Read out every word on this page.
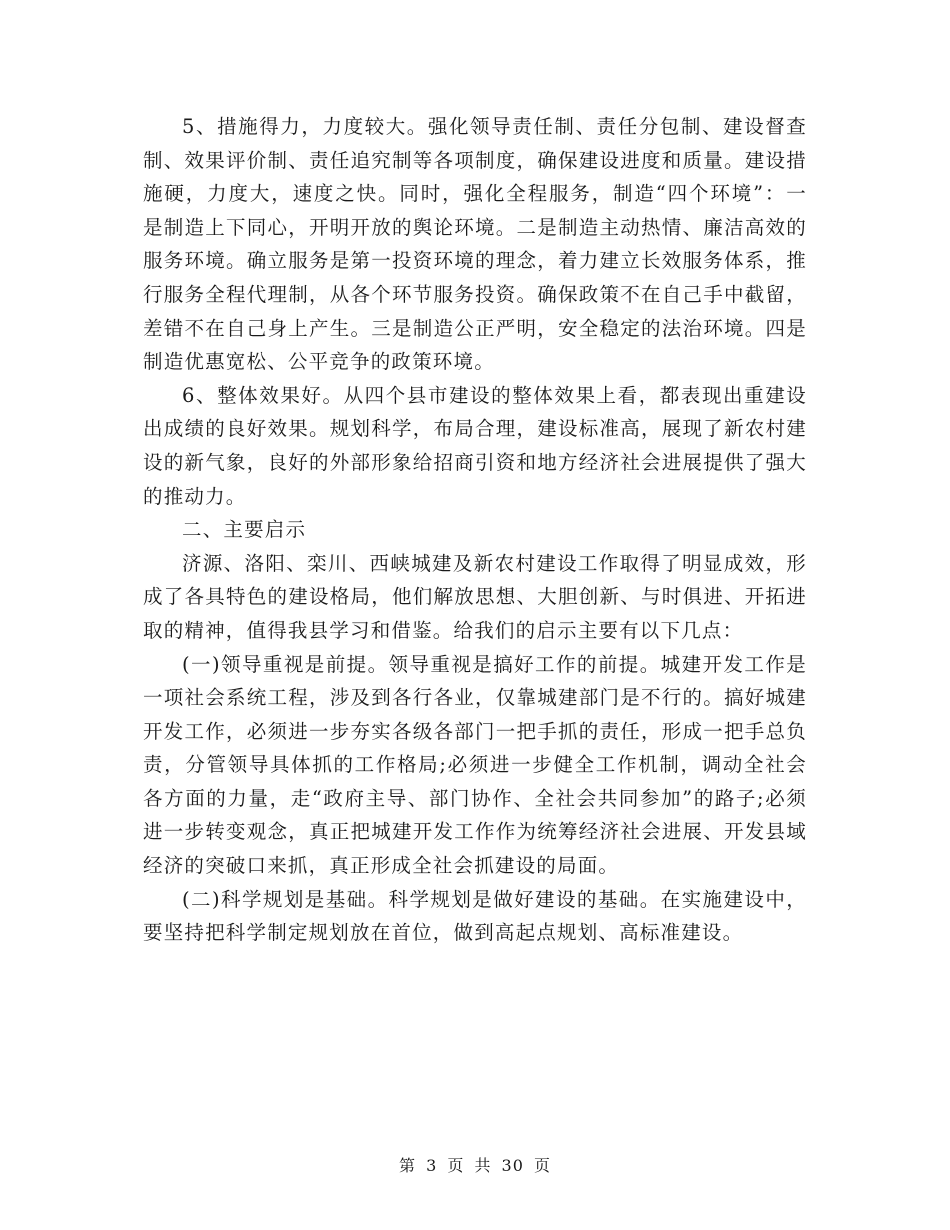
5、措施得力，力度较大。强化领导责任制、责任分包制、建设督查制、效果评价制、责任追究制等各项制度，确保建设进度和质量。建设措施硬，力度大，速度之快。同时，强化全程服务，制造“四个环境”：一是制造上下同心，开明开放的舆论环境。二是制造主动热情、廉洁高效的服务环境。确立服务是第一投资环境的理念，着力建立长效服务体系，推行服务全程代理制，从各个环节服务投资。确保政策不在自己手中截留，差错不在自己身上产生。三是制造公正严明，安全稳定的法治环境。四是制造优惠宽松、公平竞争的政策环境。

6、整体效果好。从四个县市建设的整体效果上看，都表现出重建设出成绩的良好效果。规划科学，布局合理，建设标准高，展现了新农村建设的新气象，良好的外部形象给招商引资和地方经济社会进展提供了强大的推动力。

二、主要启示

济源、洛阳、栾川、西峡城建及新农村建设工作取得了明显成效，形成了各具特色的建设格局，他们解放思想、大胆创新、与时俱进、开拓进取的精神，值得我县学习和借鉴。给我们的启示主要有以下几点：

(一)领导重视是前提。领导重视是搞好工作的前提。城建开发工作是一项社会系统工程，涉及到各行各业，仅靠城建部门是不行的。搞好城建开发工作，必须进一步夯实各级各部门一把手抓的责任，形成一把手总负责，分管领导具体抓的工作格局;必须进一步健全工作机制，调动全社会各方面的力量，走“政府主导、部门协作、全社会共同参加”的路子;必须进一步转变观念，真正把城建开发工作作为统筹经济社会进展、开发县域经济的突破口来抓，真正形成全社会抓建设的局面。

(二)科学规划是基础。科学规划是做好建设的基础。在实施建设中，要坚持把科学制定规划放在首位，做到高起点规划、高标准建设。

第 3 页 共 30 页
